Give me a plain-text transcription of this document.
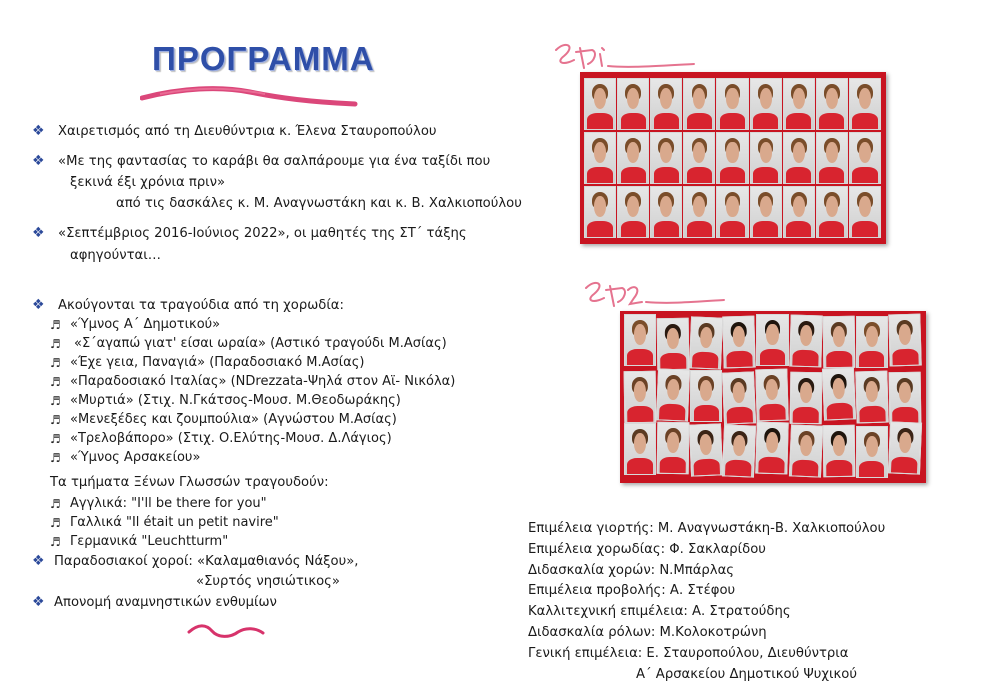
ΠΡΟΓΡΑΜΜΑ
❖ Χαιρετισμός από τη Διευθύντρια κ. Έλενα Σταυροπούλου
❖ «Με της φαντασίας το καράβι θα σαλπάρουμε για ένα ταξίδι που
ξεκινά έξι χρόνια πριν»
από τις δασκάλες κ. Μ. Αναγνωστάκη και κ. Β. Χαλκιοπούλου
❖ «Σεπτέμβριος 2016-Ιούνιος 2022», οι μαθητές της ΣΤ΄ τάξης
αφηγούνται…
❖ Ακούγονται τα τραγούδια από τη χορωδία:
♬ «Ύμνος Α΄ Δημοτικού»
♬ «Σ΄αγαπώ γιατ' είσαι ωραία» (Αστικό τραγούδι Μ.Ασίας)
♬ «Έχε γεια, Παναγιά» (Παραδοσιακό Μ.Ασίας)
♬ «Παραδοσιακό Ιταλίας» (NDrezzata-Ψηλά στον Αϊ- Νικόλα)
♬ «Μυρτιά» (Στιχ. Ν.Γκάτσος-Μουσ. Μ.Θεοδωράκης)
♬ «Μενεξέδες και ζουμπούλια» (Αγνώστου Μ.Ασίας)
♬ «Τρελοβάπορο» (Στιχ. Ο.Ελύτης-Μουσ. Δ.Λάγιος)
♬ «Ύμνος Αρσακείου»
Τα τμήματα Ξένων Γλωσσών τραγουδούν:
♬ Αγγλικά: "I'll be there for you"
♬ Γαλλικά "Il était un petit navire"
♬ Γερμανικά "Leuchtturm"
❖ Παραδοσιακοί χοροί: «Καλαμαθιανός Νάξου»,
«Συρτός νησιώτικος»
❖ Απονομή αναμνηστικών ενθυμίων
Επιμέλεια γιορτής: Μ. Αναγνωστάκη-Β. Χαλκιοπούλου
Επιμέλεια χορωδίας: Φ. Σακλαρίδου
Διδασκαλία χορών: Ν.Μπάρλας
Επιμέλεια προβολής: Α. Στέφου
Καλλιτεχνική επιμέλεια: Α. Στρατούδης
Διδασκαλία ρόλων: Μ.Κολοκοτρώνη
Γενική επιμέλεια: Ε. Σταυροπούλου, Διευθύντρια
Α΄ Αρσακείου Δημοτικού Ψυχικού
